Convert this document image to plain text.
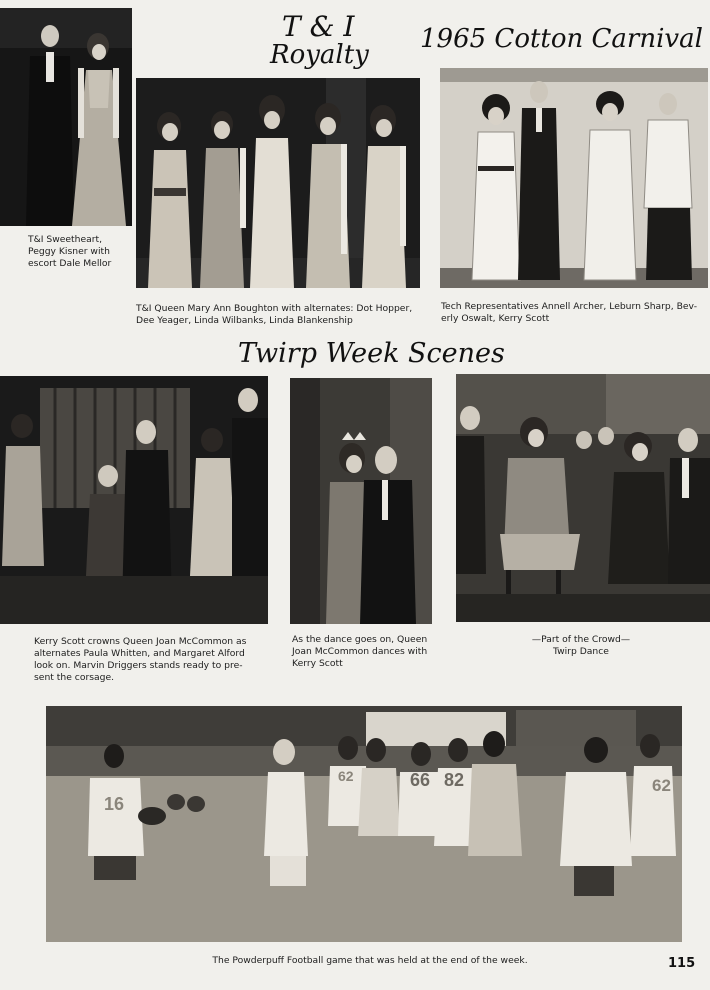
T & I
Royalty
1965 Cotton Carnival
Twirp Week Scenes
T&I Sweetheart,
Peggy Kisner with
escort Dale Mellor
T&I Queen Mary Ann Boughton with alternates: Dot Hopper,
Dee Yeager, Linda Wilbanks, Linda Blankenship
Tech Representatives Annell Archer, Leburn Sharp, Bev-
erly Oswalt, Kerry Scott
Kerry Scott crowns Queen Joan McCommon as
alternates Paula Whitten, and Margaret Alford
look on. Marvin Driggers stands ready to pre-
sent the corsage.
As the dance goes on, Queen
Joan McCommon dances with
Kerry Scott
—Part of the Crowd—
Twirp Dance
16
62	66 82	62
The Powderpuff Football game that was held at the end of the week.	115
